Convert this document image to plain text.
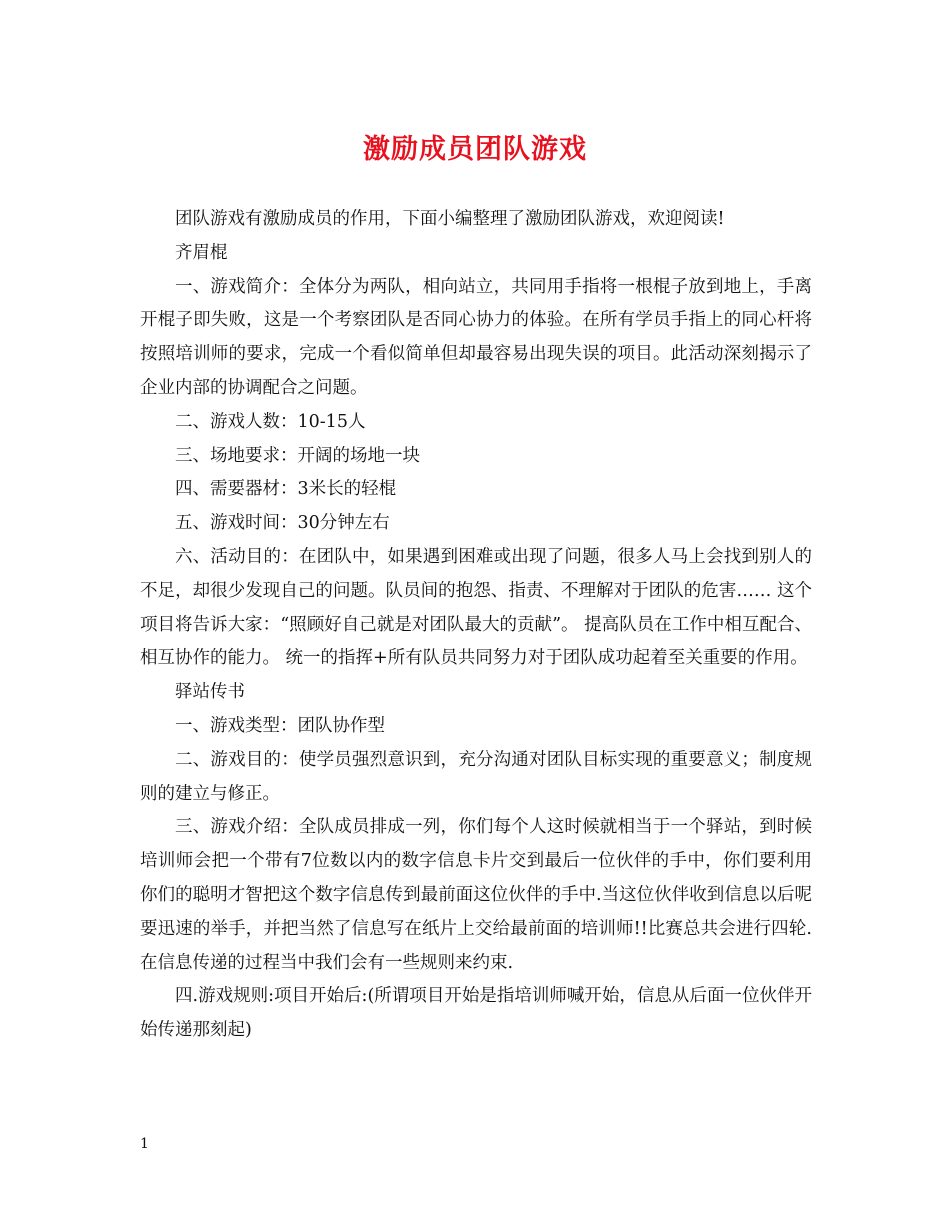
激励成员团队游戏

团队游戏有激励成员的作用，下面小编整理了激励团队游戏，欢迎阅读!

齐眉棍

一、游戏简介：全体分为两队，相向站立，共同用手指将一根棍子放到地上，手离开棍子即失败，这是一个考察团队是否同心协力的体验。在所有学员手指上的同心杆将按照培训师的要求，完成一个看似简单但却最容易出现失误的项目。此活动深刻揭示了企业内部的协调配合之问题。

二、游戏人数：10-15人

三、场地要求：开阔的场地一块

四、需要器材：3米长的轻棍

五、游戏时间：30分钟左右

六、活动目的：在团队中，如果遇到困难或出现了问题，很多人马上会找到别人的不足，却很少发现自己的问题。队员间的抱怨、指责、不理解对于团队的危害…… 这个项目将告诉大家：“照顾好自己就是对团队最大的贡献”。 提高队员在工作中相互配合、相互协作的能力。 统一的指挥+所有队员共同努力对于团队成功起着至关重要的作用。

驿站传书

一、游戏类型：团队协作型

二、游戏目的：使学员强烈意识到，充分沟通对团队目标实现的重要意义；制度规则的建立与修正。

三、游戏介绍：全队成员排成一列，你们每个人这时候就相当于一个驿站，到时候培训师会把一个带有7位数以内的数字信息卡片交到最后一位伙伴的手中，你们要利用你们的聪明才智把这个数字信息传到最前面这位伙伴的手中.当这位伙伴收到信息以后呢要迅速的举手，并把当然了信息写在纸片上交给最前面的培训师!!比赛总共会进行四轮.在信息传递的过程当中我们会有一些规则来约束.

四.游戏规则:项目开始后:(所谓项目开始是指培训师喊开始，信息从后面一位伙伴开始传递那刻起)

1
